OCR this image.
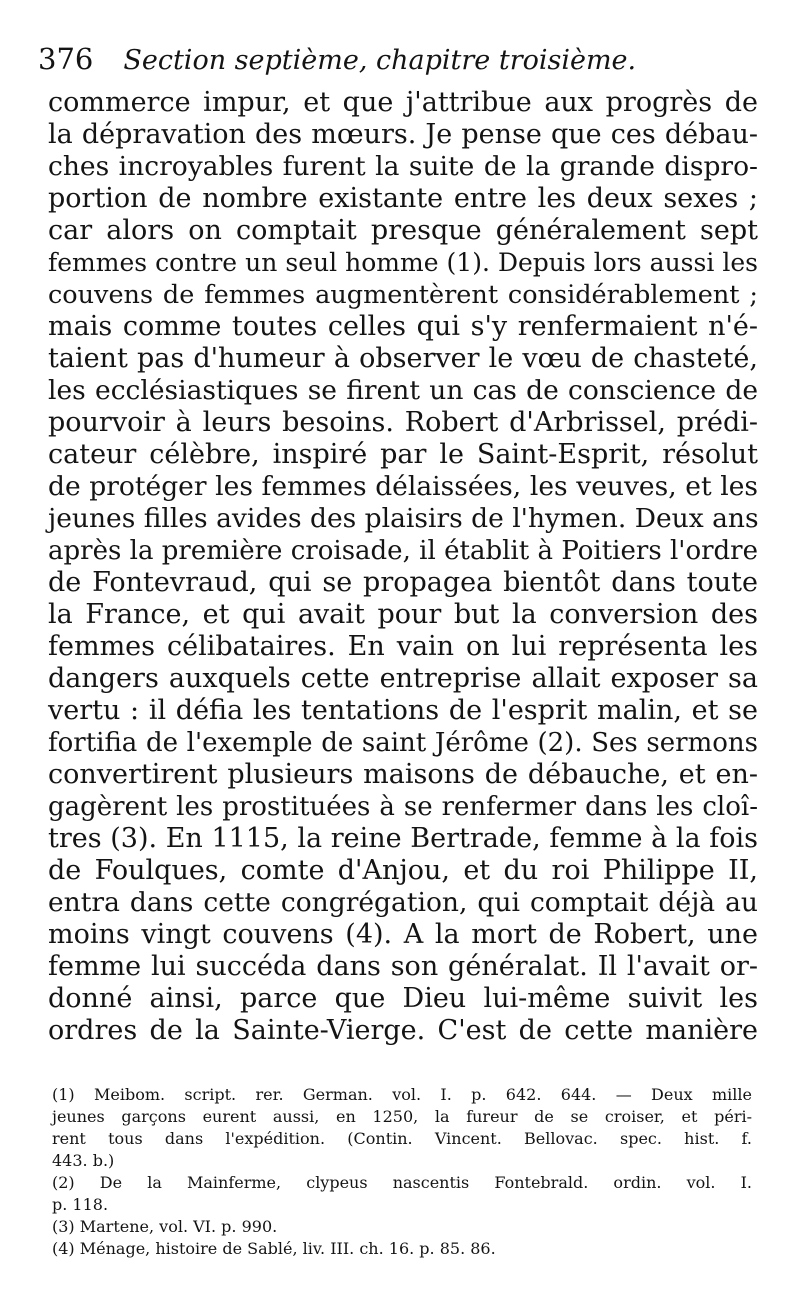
376 Section septième, chapitre troisième.
commerce impur, et que j'attribue aux progrès de
la dépravation des mœurs. Je pense que ces débau-
ches incroyables furent la suite de la grande dispro-
portion de nombre existante entre les deux sexes ;
car alors on comptait presque généralement sept
femmes contre un seul homme (1). Depuis lors aussi les
couvens de femmes augmentèrent considérablement ;
mais comme toutes celles qui s'y renfermaient n'é-
taient pas d'humeur à observer le vœu de chasteté,
les ecclésiastiques se firent un cas de conscience de
pourvoir à leurs besoins. Robert d'Arbrissel, prédi-
cateur célèbre, inspiré par le Saint-Esprit, résolut
de protéger les femmes délaissées, les veuves, et les
jeunes filles avides des plaisirs de l'hymen. Deux ans
après la première croisade, il établit à Poitiers l'ordre
de Fontevraud, qui se propagea bientôt dans toute
la France, et qui avait pour but la conversion des
femmes célibataires. En vain on lui représenta les
dangers auxquels cette entreprise allait exposer sa
vertu : il défia les tentations de l'esprit malin, et se
fortifia de l'exemple de saint Jérôme (2). Ses sermons
convertirent plusieurs maisons de débauche, et en-
gagèrent les prostituées à se renfermer dans les cloî-
tres (3). En 1115, la reine Bertrade, femme à la fois
de Foulques, comte d'Anjou, et du roi Philippe II,
entra dans cette congrégation, qui comptait déjà au
moins vingt couvens (4). A la mort de Robert, une
femme lui succéda dans son généralat. Il l'avait or-
donné ainsi, parce que Dieu lui-même suivit les
ordres de la Sainte-Vierge. C'est de cette manière
(1) Meibom. script. rer. German. vol. I. p. 642. 644. — Deux mille
jeunes garçons eurent aussi, en 1250, la fureur de se croiser, et péri-
rent tous dans l'expédition. (Contin. Vincent. Bellovac. spec. hist. f.
443. b.)
(2) De la Mainferme, clypeus nascentis Fontebrald. ordin. vol. I.
p. 118.
(3) Martene, vol. VI. p. 990.
(4) Ménage, histoire de Sablé, liv. III. ch. 16. p. 85. 86.
